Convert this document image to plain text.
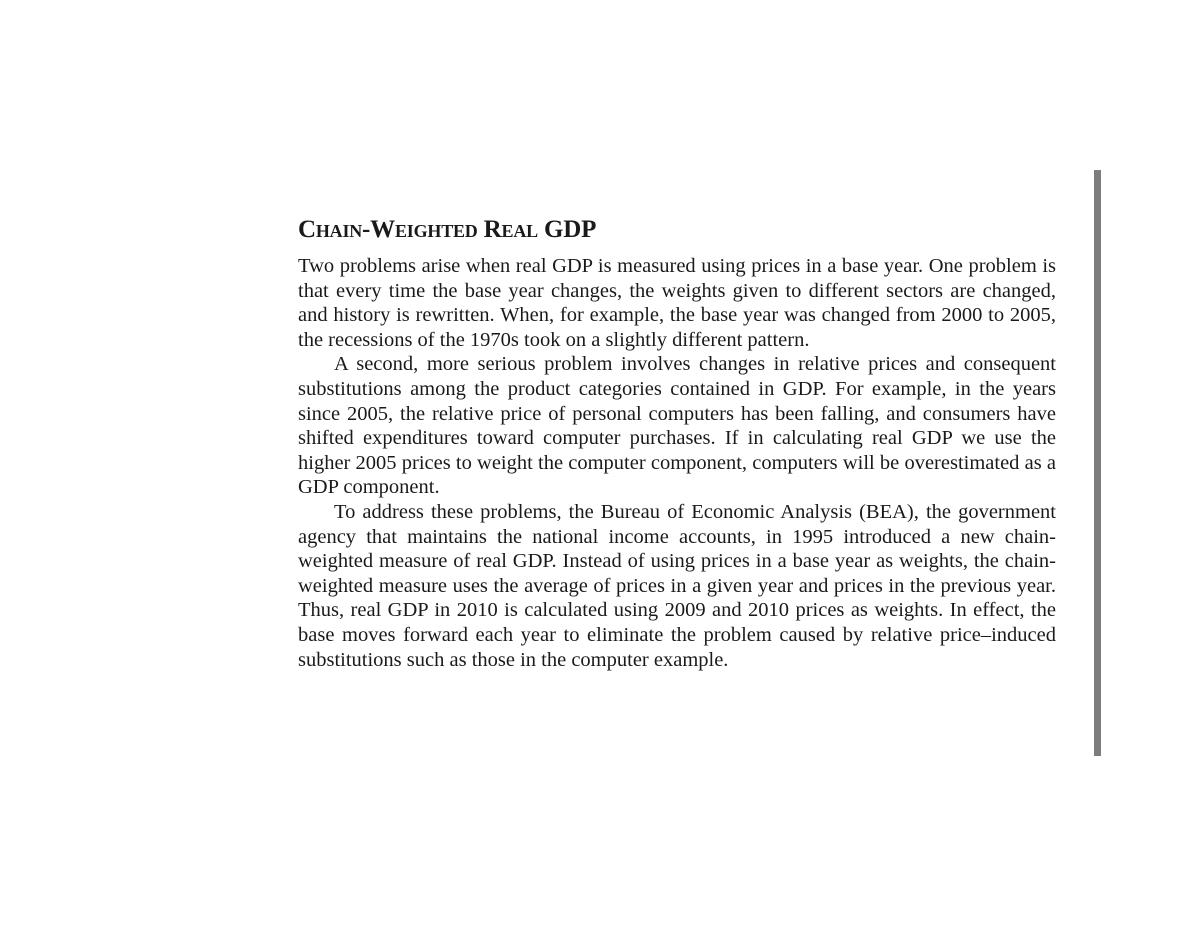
Chain-Weighted Real GDP

Two problems arise when real GDP is measured using prices in a base year. One problem is that every time the base year changes, the weights given to different sectors are changed, and history is rewritten. When, for example, the base year was changed from 2000 to 2005, the recessions of the 1970s took on a slightly different pattern.

A second, more serious problem involves changes in relative prices and consequent substitutions among the product categories contained in GDP. For example, in the years since 2005, the relative price of personal computers has been falling, and consumers have shifted expenditures toward computer purchases. If in calculating real GDP we use the higher 2005 prices to weight the computer component, computers will be overestimated as a GDP component.

To address these problems, the Bureau of Economic Analysis (BEA), the government agency that maintains the national income accounts, in 1995 introduced a new chain-weighted measure of real GDP. Instead of using prices in a base year as weights, the chain-weighted measure uses the average of prices in a given year and prices in the previous year. Thus, real GDP in 2010 is calculated using 2009 and 2010 prices as weights. In effect, the base moves forward each year to eliminate the problem caused by relative price–induced substitutions such as those in the computer example.
